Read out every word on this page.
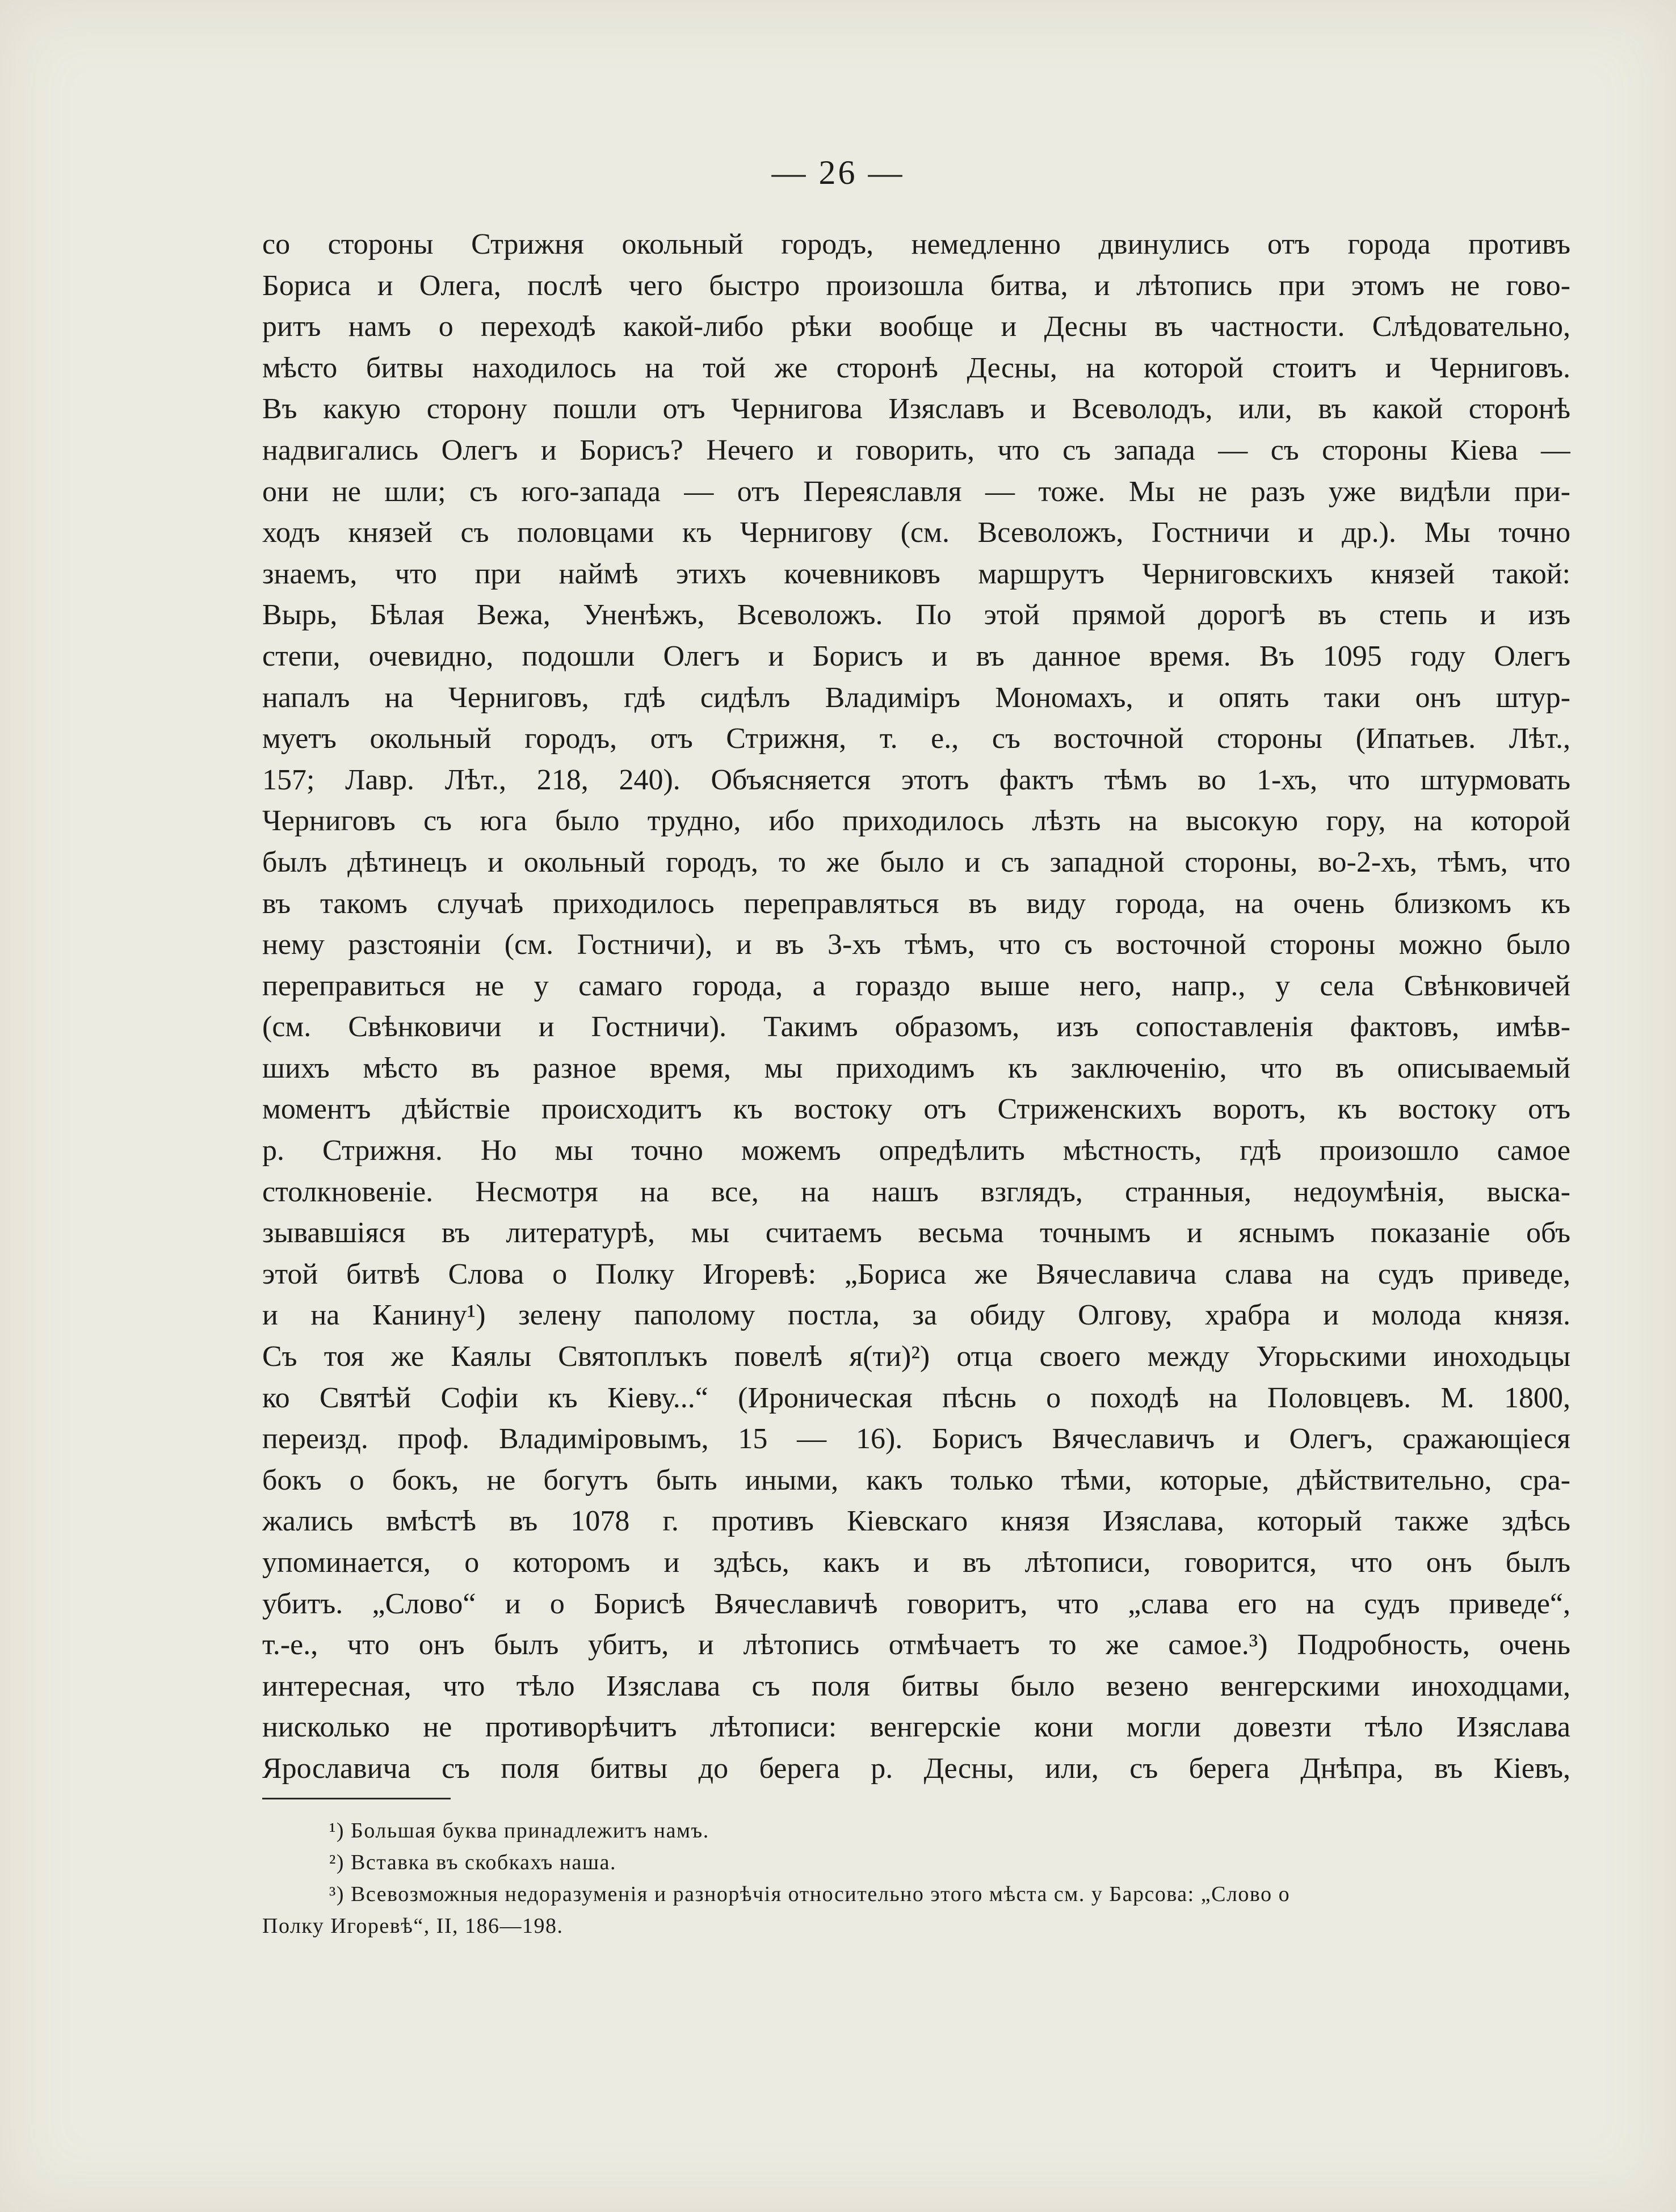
— 26 —
со стороны Стрижня окольный городъ, немедленно двинулись отъ города противъ
Бориса и Олега, послѣ чего быстро произошла битва, и лѣтопись при этомъ не гово-
ритъ намъ о переходѣ какой-либо рѣки вообще и Десны въ частности. Слѣдовательно,
мѣсто битвы находилось на той же сторонѣ Десны, на которой стоитъ и Черниговъ.
Въ какую сторону пошли отъ Чернигова Изяславъ и Всеволодъ, или, въ какой сторонѣ
надвигались Олегъ и Борисъ? Нечего и говорить, что съ запада — съ стороны Кіева —
они не шли; съ юго-запада — отъ Переяславля — тоже. Мы не разъ уже видѣли при-
ходъ князей съ половцами къ Чернигову (см. Всеволожъ, Гостничи и др.). Мы точно
знаемъ, что при наймѣ этихъ кочевниковъ маршрутъ Черниговскихъ князей такой:
Вырь, Бѣлая Вежа, Уненѣжъ, Всеволожъ. По этой прямой дорогѣ въ степь и изъ
степи, очевидно, подошли Олегъ и Борисъ и въ данное время. Въ 1095 году Олегъ
напалъ на Черниговъ, гдѣ сидѣлъ Владиміръ Мономахъ, и опять таки онъ штур-
муетъ окольный городъ, отъ Стрижня, т. е., съ восточной стороны (Ипатьев. Лѣт.,
157; Лавр. Лѣт., 218, 240). Объясняется этотъ фактъ тѣмъ во 1-хъ, что штурмовать
Черниговъ съ юга было трудно, ибо приходилось лѣзть на высокую гору, на которой
былъ дѣтинецъ и окольный городъ, то же было и съ западной стороны, во-2-хъ, тѣмъ, что
въ такомъ случаѣ приходилось переправляться въ виду города, на очень близкомъ къ
нему разстояніи (см. Гостничи), и въ 3-хъ тѣмъ, что съ восточной стороны можно было
переправиться не у самаго города, а гораздо выше него, напр., у села Свѣнковичей
(см. Свѣнковичи и Гостничи). Такимъ образомъ, изъ сопоставленія фактовъ, имѣв-
шихъ мѣсто въ разное время, мы приходимъ къ заключенію, что въ описываемый
моментъ дѣйствіе происходитъ къ востоку отъ Стриженскихъ воротъ, къ востоку отъ
р. Стрижня. Но мы точно можемъ опредѣлить мѣстность, гдѣ произошло самое
столкновеніе. Несмотря на все, на нашъ взглядъ, странныя, недоумѣнія, выска-
зывавшіяся въ литературѣ, мы считаемъ весьма точнымъ и яснымъ показаніе объ
этой битвѣ Слова о Полку Игоревѣ: „Бориса же Вячеславича слава на судъ приведе,
и на Канину¹) зелену паполому постла, за обиду Олгову, храбра и молода князя.
Съ тоя же Каялы Святоплъкъ повелѣ я(ти)²) отца своего между Угорьскими иноходьцы
ко Святѣй Софіи къ Кіеву...“ (Ироническая пѣснь о походѣ на Половцевъ. М. 1800,
перeизд. проф. Владиміровымъ, 15 — 16). Борисъ Вячеславичъ и Олегъ, сражающіеся
бокъ о бокъ, не богутъ быть иными, какъ только тѣми, которые, дѣйствительно, сра-
жались вмѣстѣ въ 1078 г. противъ Кіевскаго князя Изяслава, который также здѣсь
упоминается, о которомъ и здѣсь, какъ и въ лѣтописи, говорится, что онъ былъ
убитъ. „Слово“ и о Борисѣ Вячеславичѣ говоритъ, что „слава его на судъ приведе“,
т.-е., что онъ былъ убитъ, и лѣтопись отмѣчаетъ то же самое.³) Подробность, очень
интересная, что тѣло Изяслава съ поля битвы было везено венгерскими иноходцами,
нисколько не противорѣчитъ лѣтописи: венгерскіе кони могли довезти тѣло Изяслава
Ярославича съ поля битвы до берега р. Десны, или, съ берега Днѣпра, въ Кіевъ,
¹) Большая буква принадлежитъ намъ.
²) Вставка въ скобкахъ наша.
³) Всевозможныя недоразуменія и разнорѣчія относительно этого мѣста см. у Барсова: „Слово о
Полку Игоревѣ“, II, 186—198.
